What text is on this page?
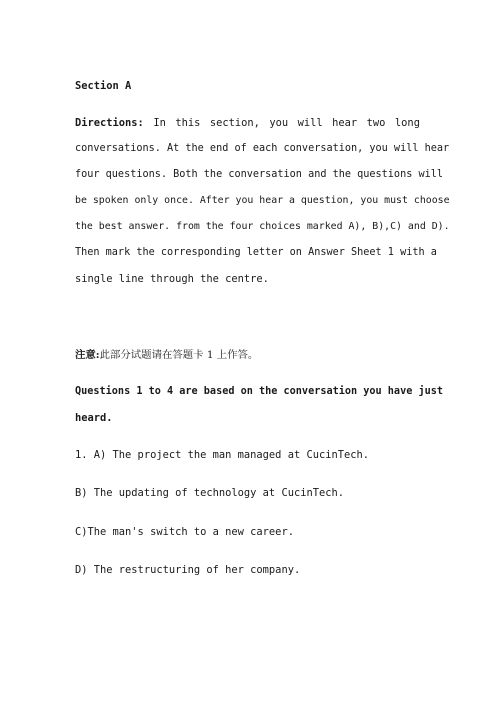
Section A
Directions: In this section, you will hear two long
conversations. At the end of each conversation, you will hear
four questions. Both the conversation and the questions will
be spoken only once. After you hear a question, you must choose
the best answer. from the four choices marked A), B),C) and D).
Then mark the corresponding letter on Answer Sheet 1 with a
single line through the centre.
注意:此部分试题请在答题卡 1 上作答。
Questions 1 to 4 are based on the conversation you have just
heard.
1. A) The project the man managed at CucinTech.
B) The updating of technology at CucinTech.
C)The man's switch to a new career.
D) The restructuring of her company.
